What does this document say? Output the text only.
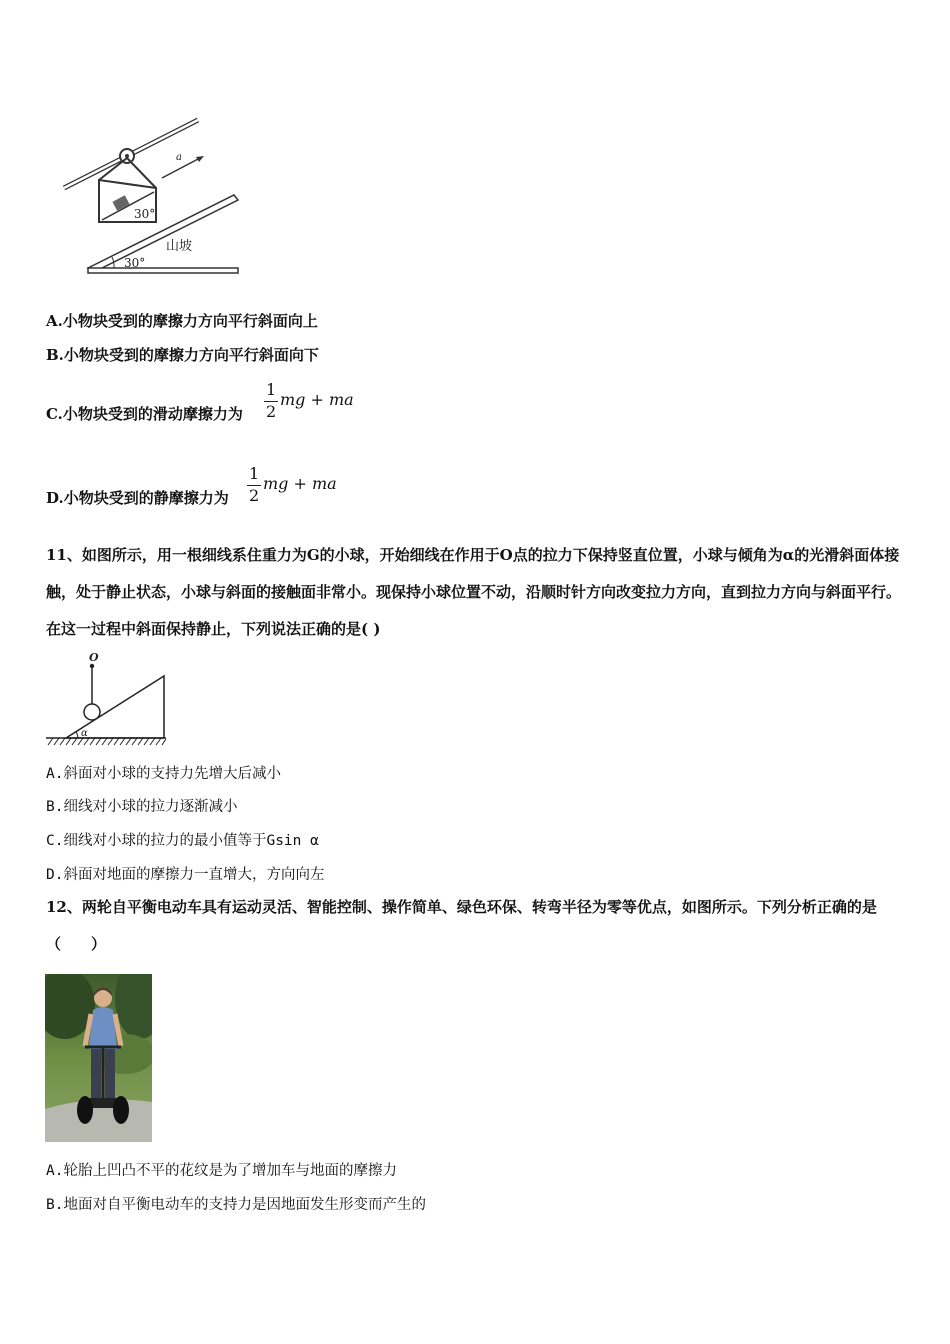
30°
a
山坡
30°
A.小物块受到的摩擦力方向平行斜面向上
B.小物块受到的摩擦力方向平行斜面向下
C.小物块受到的滑动摩擦力为
1
2
mg + ma
D.小物块受到的静摩擦力为
1
2
mg + ma
11、如图所示，用一根细线系住重力为G的小球，开始细线在作用于O点的拉力下保持竖直位置，小球与倾角为α的光滑斜面体接触，处于静止状态，小球与斜面的接触面非常小。现保持小球位置不动，沿顺时针方向改变拉力方向，直到拉力方向与斜面平行。在这一过程中斜面保持静止，下列说法正确的是( )
O
α
A.斜面对小球的支持力先增大后减小
B.细线对小球的拉力逐渐减小
C.细线对小球的拉力的最小值等于Gsin α
D.斜面对地面的摩擦力一直增大，方向向左
12、两轮自平衡电动车具有运动灵活、智能控制、操作简单、绿色环保、转弯半径为零等优点，如图所示。下列分析正确的是（　　）
A.轮胎上凹凸不平的花纹是为了增加车与地面的摩擦力
B.地面对自平衡电动车的支持力是因地面发生形变而产生的
